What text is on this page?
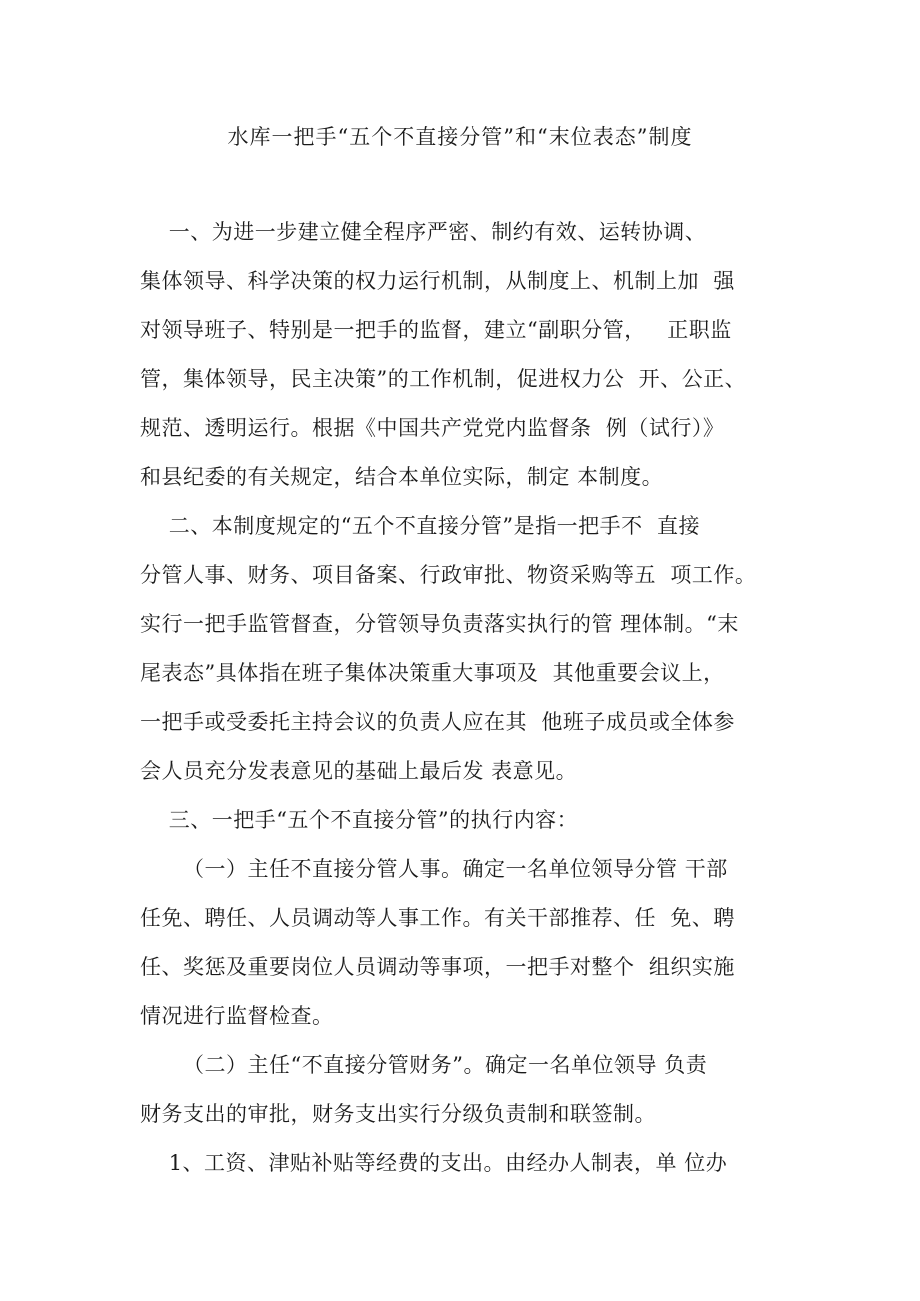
水库一把手“五个不直接分管”和“末位表态”制度
一、为进一步建立健全程序严密、制约有效、运转协调、
集体领导、科学决策的权力运行机制，从制度上、机制上加  强
对领导班子、特别是一把手的监督，建立“副职分管，   正职监
管，集体领导，民主决策”的工作机制，促进权力公  开、公正、
规范、透明运行。根据《中国共产党党内监督条  例（试行）》
和县纪委的有关规定，结合本单位实际，制定 本制度。
二、本制度规定的“五个不直接分管”是指一把手不  直接
分管人事、财务、项目备案、行政审批、物资采购等五  项工作。
实行一把手监管督查，分管领导负责落实执行的管 理体制。“末
尾表态”具体指在班子集体决策重大事项及  其他重要会议上，
一把手或受委托主持会议的负责人应在其  他班子成员或全体参
会人员充分发表意见的基础上最后发 表意见。
三、一把手“五个不直接分管”的执行内容：
（一）主任不直接分管人事。确定一名单位领导分管 干部
任免、聘任、人员调动等人事工作。有关干部推荐、任  免、聘
任、奖惩及重要岗位人员调动等事项，一把手对整个  组织实施
情况进行监督检查。
（二）主任“不直接分管财务”。确定一名单位领导 负责
财务支出的审批，财务支出实行分级负责制和联签制。
1、工资、津贴补贴等经费的支出。由经办人制表，单 位办
